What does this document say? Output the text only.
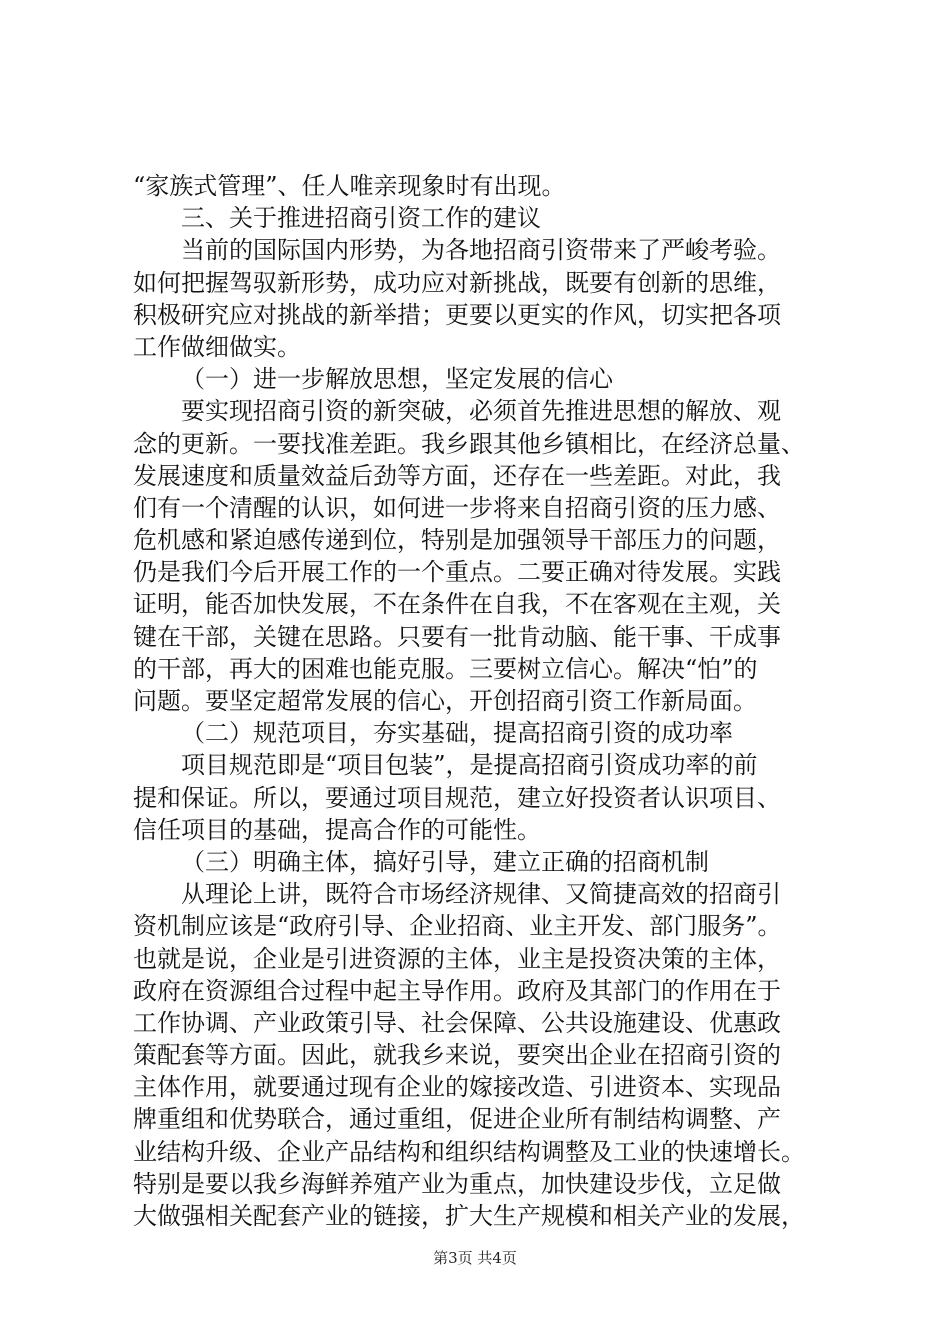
“家族式管理”、任人唯亲现象时有出现。
三、关于推进招商引资工作的建议
当前的国际国内形势，为各地招商引资带来了严峻考验。
如何把握驾驭新形势，成功应对新挑战，既要有创新的思维，
积极研究应对挑战的新举措；更要以更实的作风，切实把各项
工作做细做实。
（一）进一步解放思想，坚定发展的信心
要实现招商引资的新突破，必须首先推进思想的解放、观
念的更新。一要找准差距。我乡跟其他乡镇相比，在经济总量、
发展速度和质量效益后劲等方面，还存在一些差距。对此，我
们有一个清醒的认识，如何进一步将来自招商引资的压力感、
危机感和紧迫感传递到位，特别是加强领导干部压力的问题，
仍是我们今后开展工作的一个重点。二要正确对待发展。实践
证明，能否加快发展，不在条件在自我，不在客观在主观，关
键在干部，关键在思路。只要有一批肯动脑、能干事、干成事
的干部，再大的困难也能克服。三要树立信心。解决“怕”的
问题。要坚定超常发展的信心，开创招商引资工作新局面。
（二）规范项目，夯实基础，提高招商引资的成功率
项目规范即是“项目包装”，是提高招商引资成功率的前
提和保证。所以，要通过项目规范，建立好投资者认识项目、
信任项目的基础，提高合作的可能性。
（三）明确主体，搞好引导，建立正确的招商机制
从理论上讲，既符合市场经济规律、又简捷高效的招商引
资机制应该是“政府引导、企业招商、业主开发、部门服务”。
也就是说，企业是引进资源的主体，业主是投资决策的主体，
政府在资源组合过程中起主导作用。政府及其部门的作用在于
工作协调、产业政策引导、社会保障、公共设施建设、优惠政
策配套等方面。因此，就我乡来说，要突出企业在招商引资的
主体作用，就要通过现有企业的嫁接改造、引进资本、实现品
牌重组和优势联合，通过重组，促进企业所有制结构调整、产
业结构升级、企业产品结构和组织结构调整及工业的快速增长。
特别是要以我乡海鲜养殖产业为重点，加快建设步伐，立足做
大做强相关配套产业的链接，扩大生产规模和相关产业的发展，
第3页 共4页
